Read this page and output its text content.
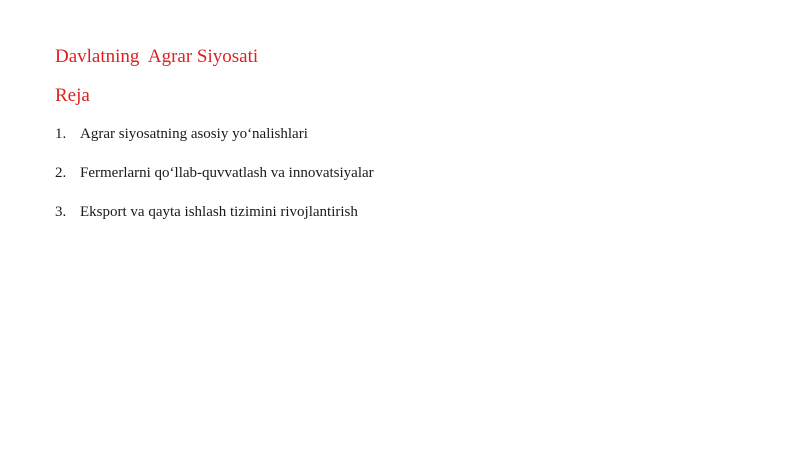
Davlatning  Agrar Siyosati
Reja
1. Agrar siyosatning asosiy yo‘nalishlari
2. Fermerlarni qo‘llab-quvvatlash va innovatsiyalar
3. Eksport va qayta ishlash tizimini rivojlantirish
